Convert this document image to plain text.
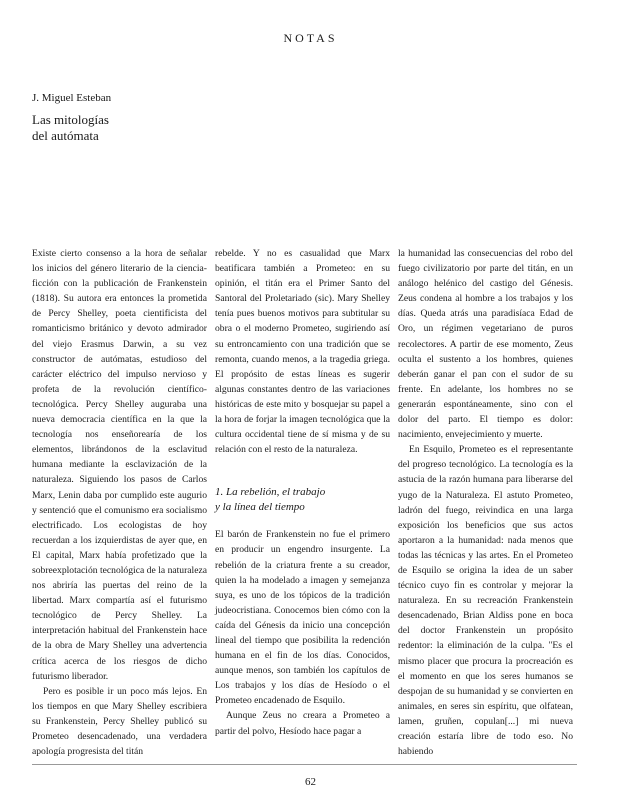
NOTAS
J. Miguel Esteban
Las mitologías
del autómata

Existe cierto consenso a la hora de señalar los inicios del género literario de la ciencia-ficción con la publicación de Frankenstein (1818). Su autora era entonces la prometida de Percy Shelley, poeta cientificista del romanticismo británico y devoto admirador del viejo Erasmus Darwin, a su vez constructor de autómatas, estudioso del carácter eléctrico del impulso nervioso y profeta de la revolución científico-tecnológica. Percy Shelley auguraba una nueva democracia científica en la que la tecnología nos enseñorearía de los elementos, librándonos de la esclavitud humana mediante la esclavización de la naturaleza. Siguiendo los pasos de Carlos Marx, Lenin daba por cumplido este augurio y sentenció que el comunismo era socialismo electrificado. Los ecologistas de hoy recuerdan a los izquierdistas de ayer que, en El capital, Marx había profetizado que la sobreexplotación tecnológica de la naturaleza nos abriría las puertas del reino de la libertad. Marx compartía así el futurismo tecnológico de Percy Shelley. La interpretación habitual del Frankenstein hace de la obra de Mary Shelley una advertencia crítica acerca de los riesgos de dicho futurismo liberador.

Pero es posible ir un poco más lejos. En los tiempos en que Mary Shelley escribiera su Frankenstein, Percy Shelley publicó su Prometeo desencadenado, una verdadera apología progresista del titán

rebelde. Y no es casualidad que Marx beatificara también a Prometeo: en su opinión, el titán era el Primer Santo del Santoral del Proletariado (sic). Mary Shelley tenía pues buenos motivos para subtitular su obra o el moderno Prometeo, sugiriendo así su entroncamiento con una tradición que se remonta, cuando menos, a la tragedia griega. El propósito de estas líneas es sugerir algunas constantes dentro de las variaciones históricas de este mito y bosquejar su papel a la hora de forjar la imagen tecnológica que la cultura occidental tiene de sí misma y de su relación con el resto de la naturaleza.

1. La rebelión, el trabajo
y la línea del tiempo

El barón de Frankenstein no fue el primero en producir un engendro insurgente. La rebelión de la criatura frente a su creador, quien la ha modelado a imagen y semejanza suya, es uno de los tópicos de la tradición judeocristiana. Conocemos bien cómo con la caída del Génesis da inicio una concepción lineal del tiempo que posibilita la redención humana en el fin de los días. Conocidos, aunque menos, son también los capítulos de Los trabajos y los días de Hesíodo o el Prometeo encadenado de Esquilo.

Aunque Zeus no creara a Prometeo a partir del polvo, Hesíodo hace pagar a

la humanidad las consecuencias del robo del fuego civilizatorio por parte del titán, en un análogo helénico del castigo del Génesis. Zeus condena al hombre a los trabajos y los días. Queda atrás una paradisíaca Edad de Oro, un régimen vegetariano de puros recolectores. A partir de ese momento, Zeus oculta el sustento a los hombres, quienes deberán ganar el pan con el sudor de su frente. En adelante, los hombres no se generarán espontáneamente, sino con el dolor del parto. El tiempo es dolor: nacimiento, envejecimiento y muerte.

En Esquilo, Prometeo es el representante del progreso tecnológico. La tecnología es la astucia de la razón humana para liberarse del yugo de la Naturaleza. El astuto Prometeo, ladrón del fuego, reivindica en una larga exposición los beneficios que sus actos aportaron a la humanidad: nada menos que todas las técnicas y las artes. En el Prometeo de Esquilo se origina la idea de un saber técnico cuyo fin es controlar y mejorar la naturaleza. En su recreación Frankenstein desencadenado, Brian Aldiss pone en boca del doctor Frankenstein un propósito redentor: la eliminación de la culpa. "Es el mismo placer que procura la procreación es el momento en que los seres humanos se despojan de su humanidad y se convierten en animales, en seres sin espíritu, que olfatean, lamen, gruñen, copulan[...] mi nueva creación estaría libre de todo eso. No habiendo

62
